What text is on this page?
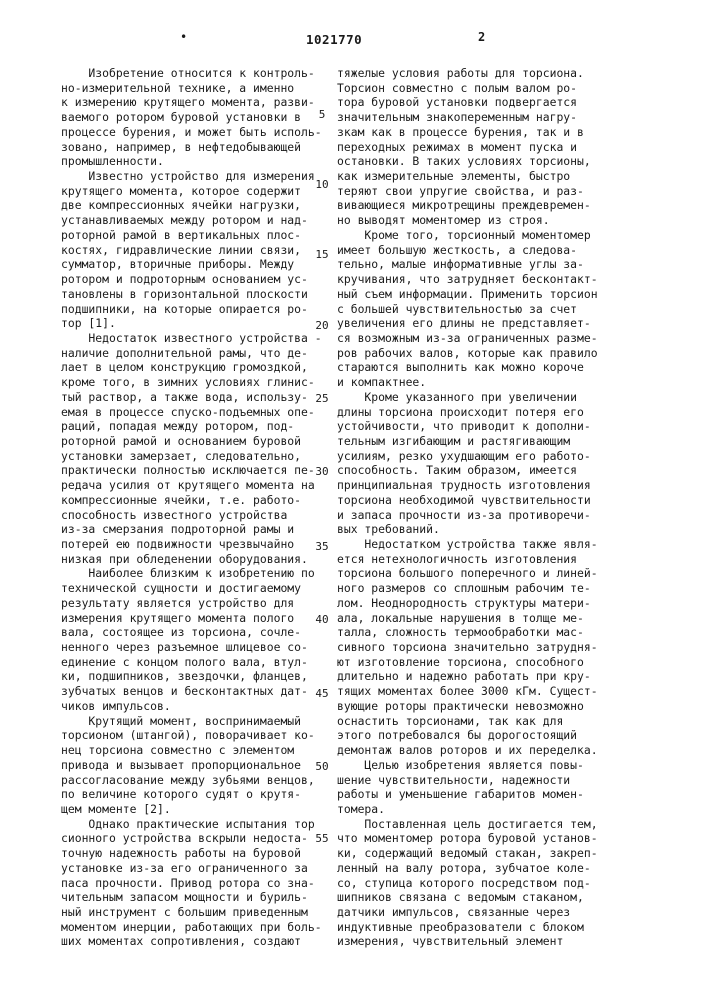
•	1021770	2
Изобретение относится к контроль-
но-измерительной технике, а именно
к измерению крутящего момента, разви-
ваемого ротором буровой установки в
процессе бурения, и может быть исполь-
зовано, например, в нефтедобывающей
промышленности.
Известно устройство для измерения
крутящего момента, которое содержит
две компрессионных ячейки нагрузки,
устанавливаемых между ротором и над-
роторной рамой в вертикальных плос-
костях, гидравлические линии связи,
сумматор, вторичные приборы. Между
ротором и подроторным основанием ус-
тановлены в горизонтальной плоскости
подшипники, на которые опирается ро-
тор [1].
Недостаток известного устройства -
наличие дополнительной рамы, что де-
лает в целом конструкцию громоздкой,
кроме того, в зимних условиях глинис-
тый раствор, а также вода, использу-
емая в процессе спуско-подъемных опе-
раций, попадая между ротором, под-
роторной рамой и основанием буровой
установки замерзает, следовательно,
практически полностью исключается пе-
редача усилия от крутящего момента на
компрессионные ячейки, т.е. работо-
способность известного устройства
из-за смерзания подроторной рамы и
потерей ею подвижности чрезвычайно
низкая при обледенении оборудования.
Наиболее близким к изобретению по
технической сущности и достигаемому
результату является устройство для
измерения крутящего момента полого
вала, состоящее из торсиона, сочле-
ненного через разъемное шлицевое со-
единение с концом полого вала, втул-
ки, подшипников, звездочки, фланцев,
зубчатых венцов и бесконтактных дат-
чиков импульсов.
Крутящий момент, воспринимаемый
торсионом (штангой), поворачивает ко-
нец торсиона совместно с элементом
привода и вызывает пропорциональное
рассогласование между зубьями венцов,
по величине которого судят о крутя-
щем моменте [2].
Однако практические испытания тор
сионного устройства вскрыли недоста-
точную надежность работы на буровой
установке из-за его ограниченного за
паса прочности. Привод ротора со зна-
чительным запасом мощности и буриль-
ный инструмент с большим приведенным
моментом инерции, работающих при боль-
ших моментах сопротивления, создают
тяжелые условия работы для торсиона.
Торсион совместно с полым валом ро-
тора буровой установки подвергается
значительным знакопеременным нагру-
зкам как в процессе бурения, так и в
переходных режимах в момент пуска и
остановки. В таких условиях торсионы,
как измерительные элементы, быстро
теряют свои упругие свойства, и раз-
вивающиеся микротрещины преждевремен-
но выводят моментомер из строя.
Кроме того, торсионный моментомер
имеет большую жесткость, а следова-
тельно, малые информативные углы за-
кручивания, что затрудняет бесконтакт-
ный съем информации. Применить торсион
с большей чувствительностью за счет
увеличения его длины не представляет-
ся возможным из-за ограниченных разме-
ров рабочих валов, которые как правило
стараются выполнить как можно короче
и компактнее.
Кроме указанного при увеличении
длины торсиона происходит потеря его
устойчивости, что приводит к дополни-
тельным изгибающим и растягивающим
усилиям, резко ухудшающим его работо-
способность. Таким образом, имеется
принципиальная трудность изготовления
торсиона необходимой чувствительности
и запаса прочности из-за противоречи-
вых требований.
Недостатком устройства также явля-
ется нетехнологичность изготовления
торсиона большого поперечного и линей-
ного размеров со сплошным рабочим те-
лом. Неоднородность структуры матери-
ала, локальные нарушения в толще ме-
талла, сложность термообработки мас-
сивного торсиона значительно затрудня-
ют изготовление торсиона, способного
длительно и надежно работать при кру-
тящих моментах более 3000 кГм. Сущест-
вующие роторы практически невозможно
оснастить торсионами, так как для
этого потребовался бы дорогостоящий
демонтаж валов роторов и их переделка.
Целью изобретения является повы-
шение чувствительности, надежности
работы и уменьшение габаритов момен-
томера.
Поставленная цель достигается тем,
что моментомер ротора буровой установ-
ки, содержащий ведомый стакан, закреп-
ленный на валу ротора, зубчатое коле-
со, ступица которого посредством под-
шипников связана с ведомым стаканом,
датчики импульсов, связанные через
индуктивные преобразователи с блоком
измерения, чувствительный элемент
5
10
15
20
25
30
35
40
45
50
55
